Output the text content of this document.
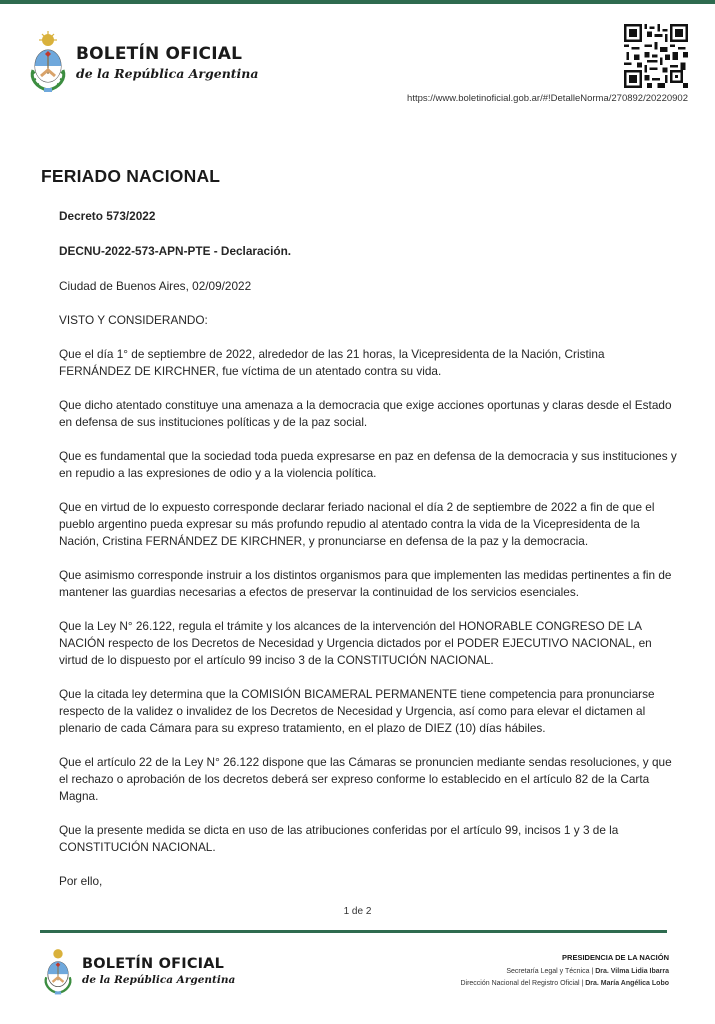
BOLETÍN OFICIAL
de la República Argentina
https://www.boletinoficial.gob.ar/#!DetalleNorma/270892/20220902
FERIADO NACIONAL

Decreto 573/2022

DECNU-2022-573-APN-PTE - Declaración.

Ciudad de Buenos Aires, 02/09/2022

VISTO Y CONSIDERANDO:

Que el día 1° de septiembre de 2022, alrededor de las 21 horas, la Vicepresidenta de la Nación, Cristina FERNÁNDEZ DE KIRCHNER, fue víctima de un atentado contra su vida.

Que dicho atentado constituye una amenaza a la democracia que exige acciones oportunas y claras desde el Estado en defensa de sus instituciones políticas y de la paz social.

Que es fundamental que la sociedad toda pueda expresarse en paz en defensa de la democracia y sus instituciones y en repudio a las expresiones de odio y a la violencia política.

Que en virtud de lo expuesto corresponde declarar feriado nacional el día 2 de septiembre de 2022 a fin de que el pueblo argentino pueda expresar su más profundo repudio al atentado contra la vida de la Vicepresidenta de la Nación, Cristina FERNÁNDEZ DE KIRCHNER, y pronunciarse en defensa de la paz y la democracia.

Que asimismo corresponde instruir a los distintos organismos para que implementen las medidas pertinentes a fin de mantener las guardias necesarias a efectos de preservar la continuidad de los servicios esenciales.

Que la Ley N° 26.122, regula el trámite y los alcances de la intervención del HONORABLE CONGRESO DE LA NACIÓN respecto de los Decretos de Necesidad y Urgencia dictados por el PODER EJECUTIVO NACIONAL, en virtud de lo dispuesto por el artículo 99 inciso 3 de la CONSTITUCIÓN NACIONAL.

Que la citada ley determina que la COMISIÓN BICAMERAL PERMANENTE tiene competencia para pronunciarse respecto de la validez o invalidez de los Decretos de Necesidad y Urgencia, así como para elevar el dictamen al plenario de cada Cámara para su expreso tratamiento, en el plazo de DIEZ (10) días hábiles.

Que el artículo 22 de la Ley N° 26.122 dispone que las Cámaras se pronuncien mediante sendas resoluciones, y que el rechazo o aprobación de los decretos deberá ser expreso conforme lo establecido en el artículo 82 de la Carta Magna.

Que la presente medida se dicta en uso de las atribuciones conferidas por el artículo 99, incisos 1 y 3 de la CONSTITUCIÓN NACIONAL.

Por ello,

1 de 2
BOLETÍN OFICIAL
de la República Argentina
PRESIDENCIA DE LA NACIÓN
Secretaría Legal y Técnica | Dra. Vilma Lidia Ibarra
Dirección Nacional del Registro Oficial | Dra. María Angélica Lobo
